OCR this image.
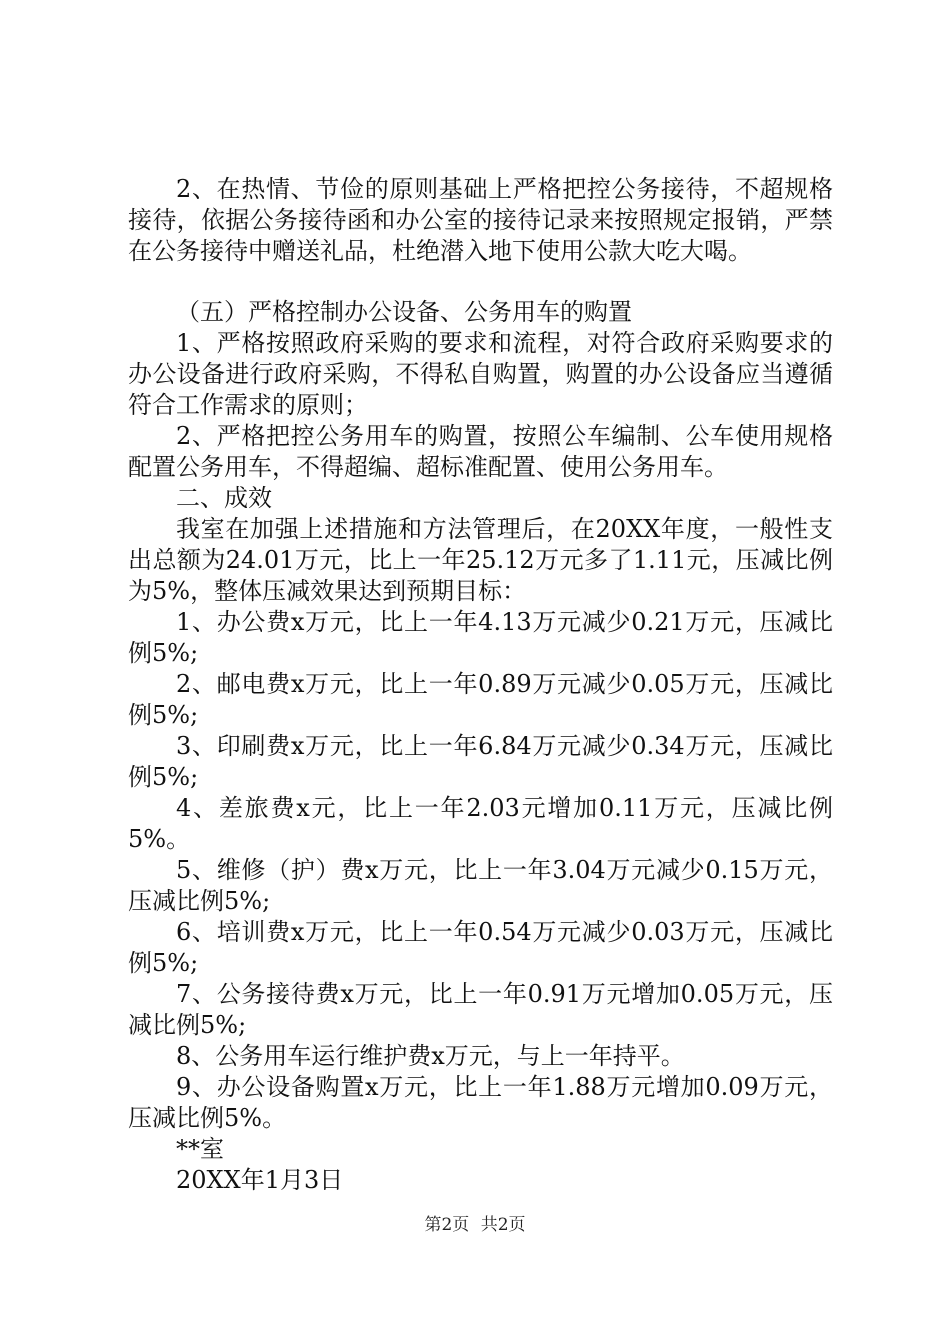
2、在热情、节俭的原则基础上严格把控公务接待，不超规格接待，依据公务接待函和办公室的接待记录来按照规定报销，严禁在公务接待中赠送礼品，杜绝潜入地下使用公款大吃大喝。

（五）严格控制办公设备、公务用车的购置

1、严格按照政府采购的要求和流程，对符合政府采购要求的办公设备进行政府采购，不得私自购置，购置的办公设备应当遵循符合工作需求的原则；

2、严格把控公务用车的购置，按照公车编制、公车使用规格配置公务用车，不得超编、超标准配置、使用公务用车。

二、成效

我室在加强上述措施和方法管理后，在20XX年度，一般性支出总额为24.01万元，比上一年25.12万元多了1.11元，压减比例为5%，整体压减效果达到预期目标：

1、办公费x万元，比上一年4.13万元减少0.21万元，压减比例5%;

2、邮电费x万元，比上一年0.89万元减少0.05万元，压减比例5%;

3、印刷费x万元，比上一年6.84万元减少0.34万元，压减比例5%;

4、差旅费x元，比上一年2.03元增加0.11万元，压减比例5%。

5、维修（护）费x万元，比上一年3.04万元减少0.15万元，压减比例5%;

6、培训费x万元，比上一年0.54万元减少0.03万元，压减比例5%;

7、公务接待费x万元，比上一年0.91万元增加0.05万元，压减比例5%;

8、公务用车运行维护费x万元，与上一年持平。

9、办公设备购置x万元，比上一年1.88万元增加0.09万元，压减比例5%。

**室

20XX年1月3日

第2页 共2页
